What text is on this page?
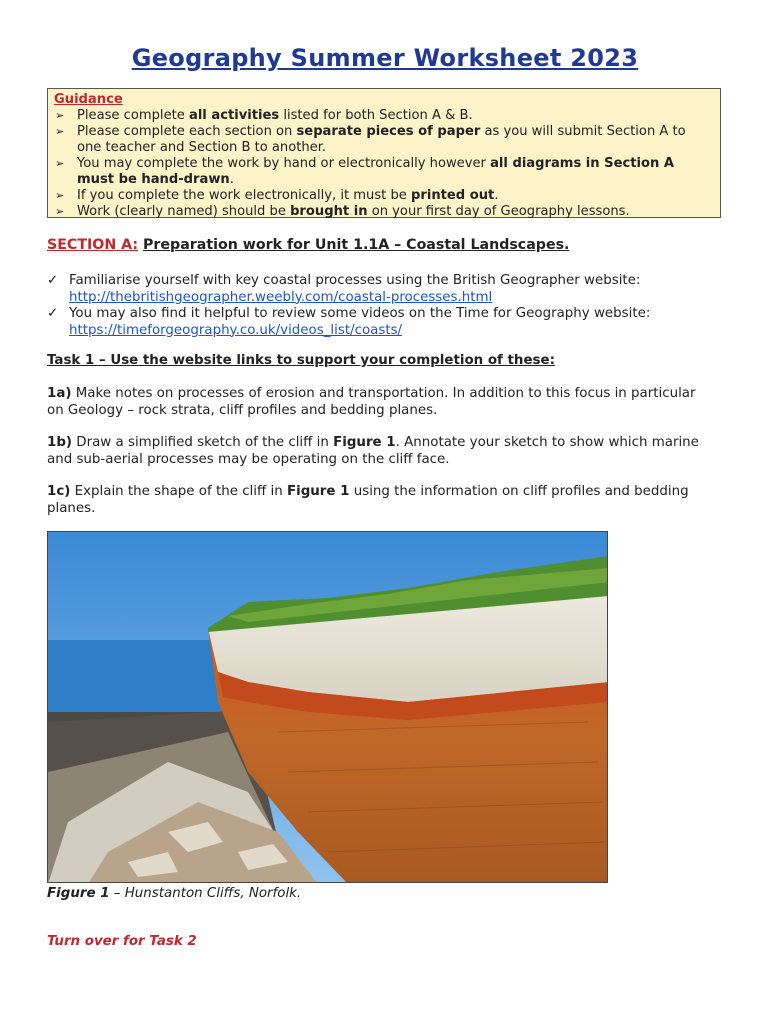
Geography Summer Worksheet 2023
Guidance
➢ Please complete all activities listed for both Section A & B.
➢ Please complete each section on separate pieces of paper as you will submit Section A to one teacher and Section B to another.
➢ You may complete the work by hand or electronically however all diagrams in Section A must be hand-drawn.
➢ If you complete the work electronically, it must be printed out.
➢ Work (clearly named) should be brought in on your first day of Geography lessons.
SECTION A: Preparation work for Unit 1.1A – Coastal Landscapes.
✓ Familiarise yourself with key coastal processes using the British Geographer website:
http://thebritishgeographer.weebly.com/coastal-processes.html
✓ You may also find it helpful to review some videos on the Time for Geography website:
https://timeforgeography.co.uk/videos_list/coasts/
Task 1 – Use the website links to support your completion of these:
1a) Make notes on processes of erosion and transportation. In addition to this focus in particular on Geology – rock strata, cliff profiles and bedding planes.
1b) Draw a simplified sketch of the cliff in Figure 1. Annotate your sketch to show which marine and sub-aerial processes may be operating on the cliff face.
1c) Explain the shape of the cliff in Figure 1 using the information on cliff profiles and bedding planes.
Figure 1 – Hunstanton Cliffs, Norfolk.
Turn over for Task 2
